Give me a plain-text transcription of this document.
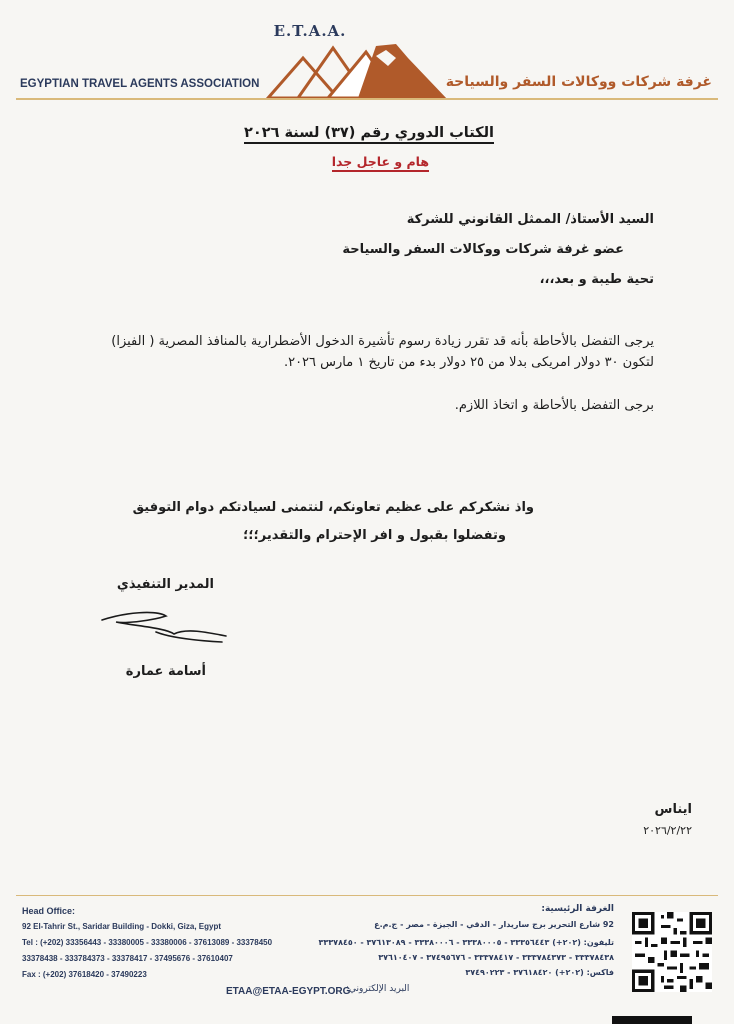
E.T.A.A.
EGYPTIAN TRAVEL AGENTS ASSOCIATION	غرفة شركات ووكالات السفر والسياحة
الكتاب الدوري رقم (٣٧) لسنة ٢٠٢٦
هام و عاجل جدا
السيد الأستاذ/ الممثل القانوني للشركة
عضو غرفة شركات ووكالات السفر والسياحة
تحية طيبة و بعد،،،
يرجى التفضل بالأحاطة بأنه قد تقرر زيادة رسوم تأشيرة الدخول الأضطرارية بالمنافذ المصرية ( الفيزا)
لتكون ٣٠ دولار امريكى بدلا من ٢٥ دولار بدء من تاريخ ١ مارس ٢٠٢٦.
برجى التفضل بالأحاطة و اتخاذ اللازم.
واذ نشكركم على عظيم تعاونكم، لنتمنى لسيادتكم دوام التوفيق
وتفضلوا بقبول و افر الإحترام والتقدير؛؛؛
المدير التنفيذي
أسامة عمارة
ايناس
٢٠٢٦/٢/٢٢
Head Office:
92 El-Tahrir St., Saridar Building - Dokki, Giza, Egypt
Tel : (+202) 33356443 - 33380005 - 33380006 - 37613089 - 33378450
33378438 - 333784373 - 33378417 - 37495676 - 37610407
Fax : (+202) 37618420 - 37490223
الغرفة الرئيسية:
92 شارع التحرير برج ساريدار - الدقي - الجيزة - مصر - ج.م.ع
تليفون: (٢٠٢+) ٣٣٣٥٦٤٤٣ - ٣٣٣٨٠٠٠٥ - ٣٣٣٨٠٠٠٦ - ٣٧٦١٣٠٨٩ - ٣٣٣٧٨٤٥٠
٣٣٣٧٨٤٣٨ - ٣٣٣٧٨٤٣٧٣ - ٣٣٣٧٨٤١٧ - ٣٧٤٩٥٦٧٦ - ٣٧٦١٠٤٠٧
فاكس: (٢٠٢+) ٣٧٦١٨٤٢٠ - ٣٧٤٩٠٢٢٣
ETAA@ETAA-EGYPT.ORG
البريد الإلكتروني:
